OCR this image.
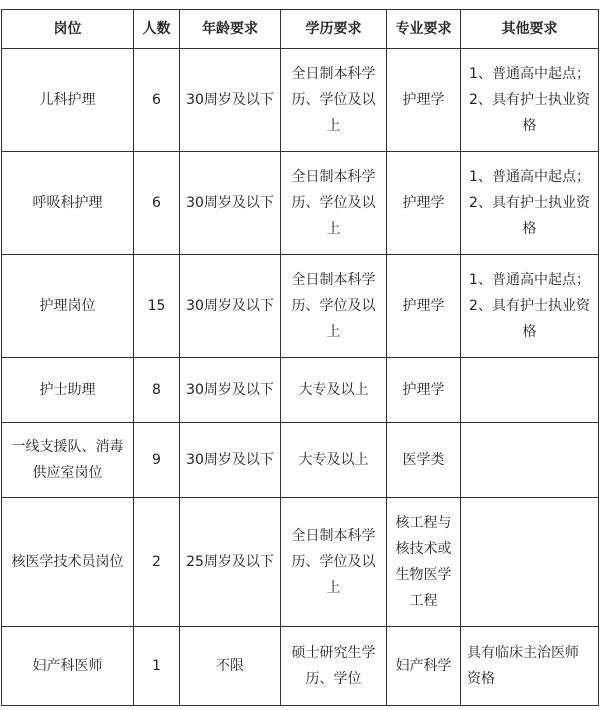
岗位	人数	年龄要求	学历要求	专业要求	其他要求
儿科护理	6	30周岁及以下	全日制本科学历、学位及以上	护理学	1、普通高中起点；2、具有护士执业资格
呼吸科护理	6	30周岁及以下	全日制本科学历、学位及以上	护理学	1、普通高中起点；2、具有护士执业资格
护理岗位	15	30周岁及以下	全日制本科学历、学位及以上	护理学	1、普通高中起点；2、具有护士执业资格
护士助理	8	30周岁及以下	大专及以上	护理学	
一线支援队、消毒供应室岗位	9	30周岁及以下	大专及以上	医学类	
核医学技术员岗位	2	25周岁及以下	全日制本科学历、学位及以上	核工程与核技术或生物医学工程	
妇产科医师	1	不限	硕士研究生学历、学位	妇产科学	具有临床主治医师资格
